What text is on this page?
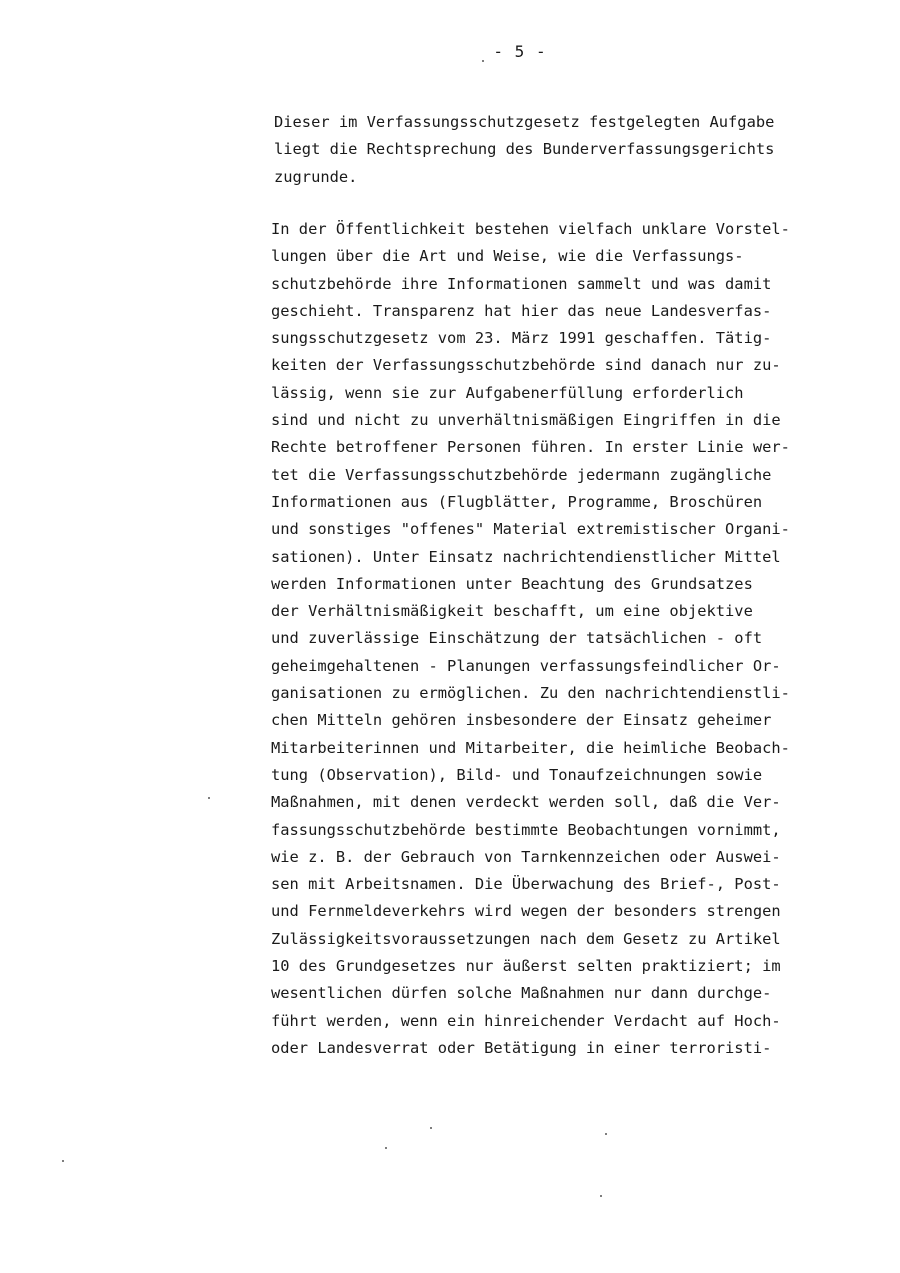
- 5 -
Dieser im Verfassungsschutzgesetz festgelegten Aufgabe
liegt die Rechtsprechung des Bunderverfassungsgerichts
zugrunde.
In der Öffentlichkeit bestehen vielfach unklare Vorstel-
lungen über die Art und Weise, wie die Verfassungs-
schutzbehörde ihre Informationen sammelt und was damit
geschieht. Transparenz hat hier das neue Landesverfas-
sungsschutzgesetz vom 23. März 1991 geschaffen. Tätig-
keiten der Verfassungsschutzbehörde sind danach nur zu-
lässig, wenn sie zur Aufgabenerfüllung erforderlich
sind und nicht zu unverhältnismäßigen Eingriffen in die
Rechte betroffener Personen führen. In erster Linie wer-
tet die Verfassungsschutzbehörde jedermann zugängliche
Informationen aus (Flugblätter, Programme, Broschüren
und sonstiges "offenes" Material extremistischer Organi-
sationen). Unter Einsatz nachrichtendienstlicher Mittel
werden Informationen unter Beachtung des Grundsatzes
der Verhältnismäßigkeit beschafft, um eine objektive
und zuverlässige Einschätzung der tatsächlichen - oft
geheimgehaltenen - Planungen verfassungsfeindlicher Or-
ganisationen zu ermöglichen. Zu den nachrichtendienstli-
chen Mitteln gehören insbesondere der Einsatz geheimer
Mitarbeiterinnen und Mitarbeiter, die heimliche Beobach-
tung (Observation), Bild- und Tonaufzeichnungen sowie
Maßnahmen, mit denen verdeckt werden soll, daß die Ver-
fassungsschutzbehörde bestimmte Beobachtungen vornimmt,
wie z. B. der Gebrauch von Tarnkennzeichen oder Auswei-
sen mit Arbeitsnamen. Die Überwachung des Brief-, Post-
und Fernmeldeverkehrs wird wegen der besonders strengen
Zulässigkeitsvoraussetzungen nach dem Gesetz zu Artikel
10 des Grundgesetzes nur äußerst selten praktiziert; im
wesentlichen dürfen solche Maßnahmen nur dann durchge-
führt werden, wenn ein hinreichender Verdacht auf Hoch-
oder Landesverrat oder Betätigung in einer terroristi-
